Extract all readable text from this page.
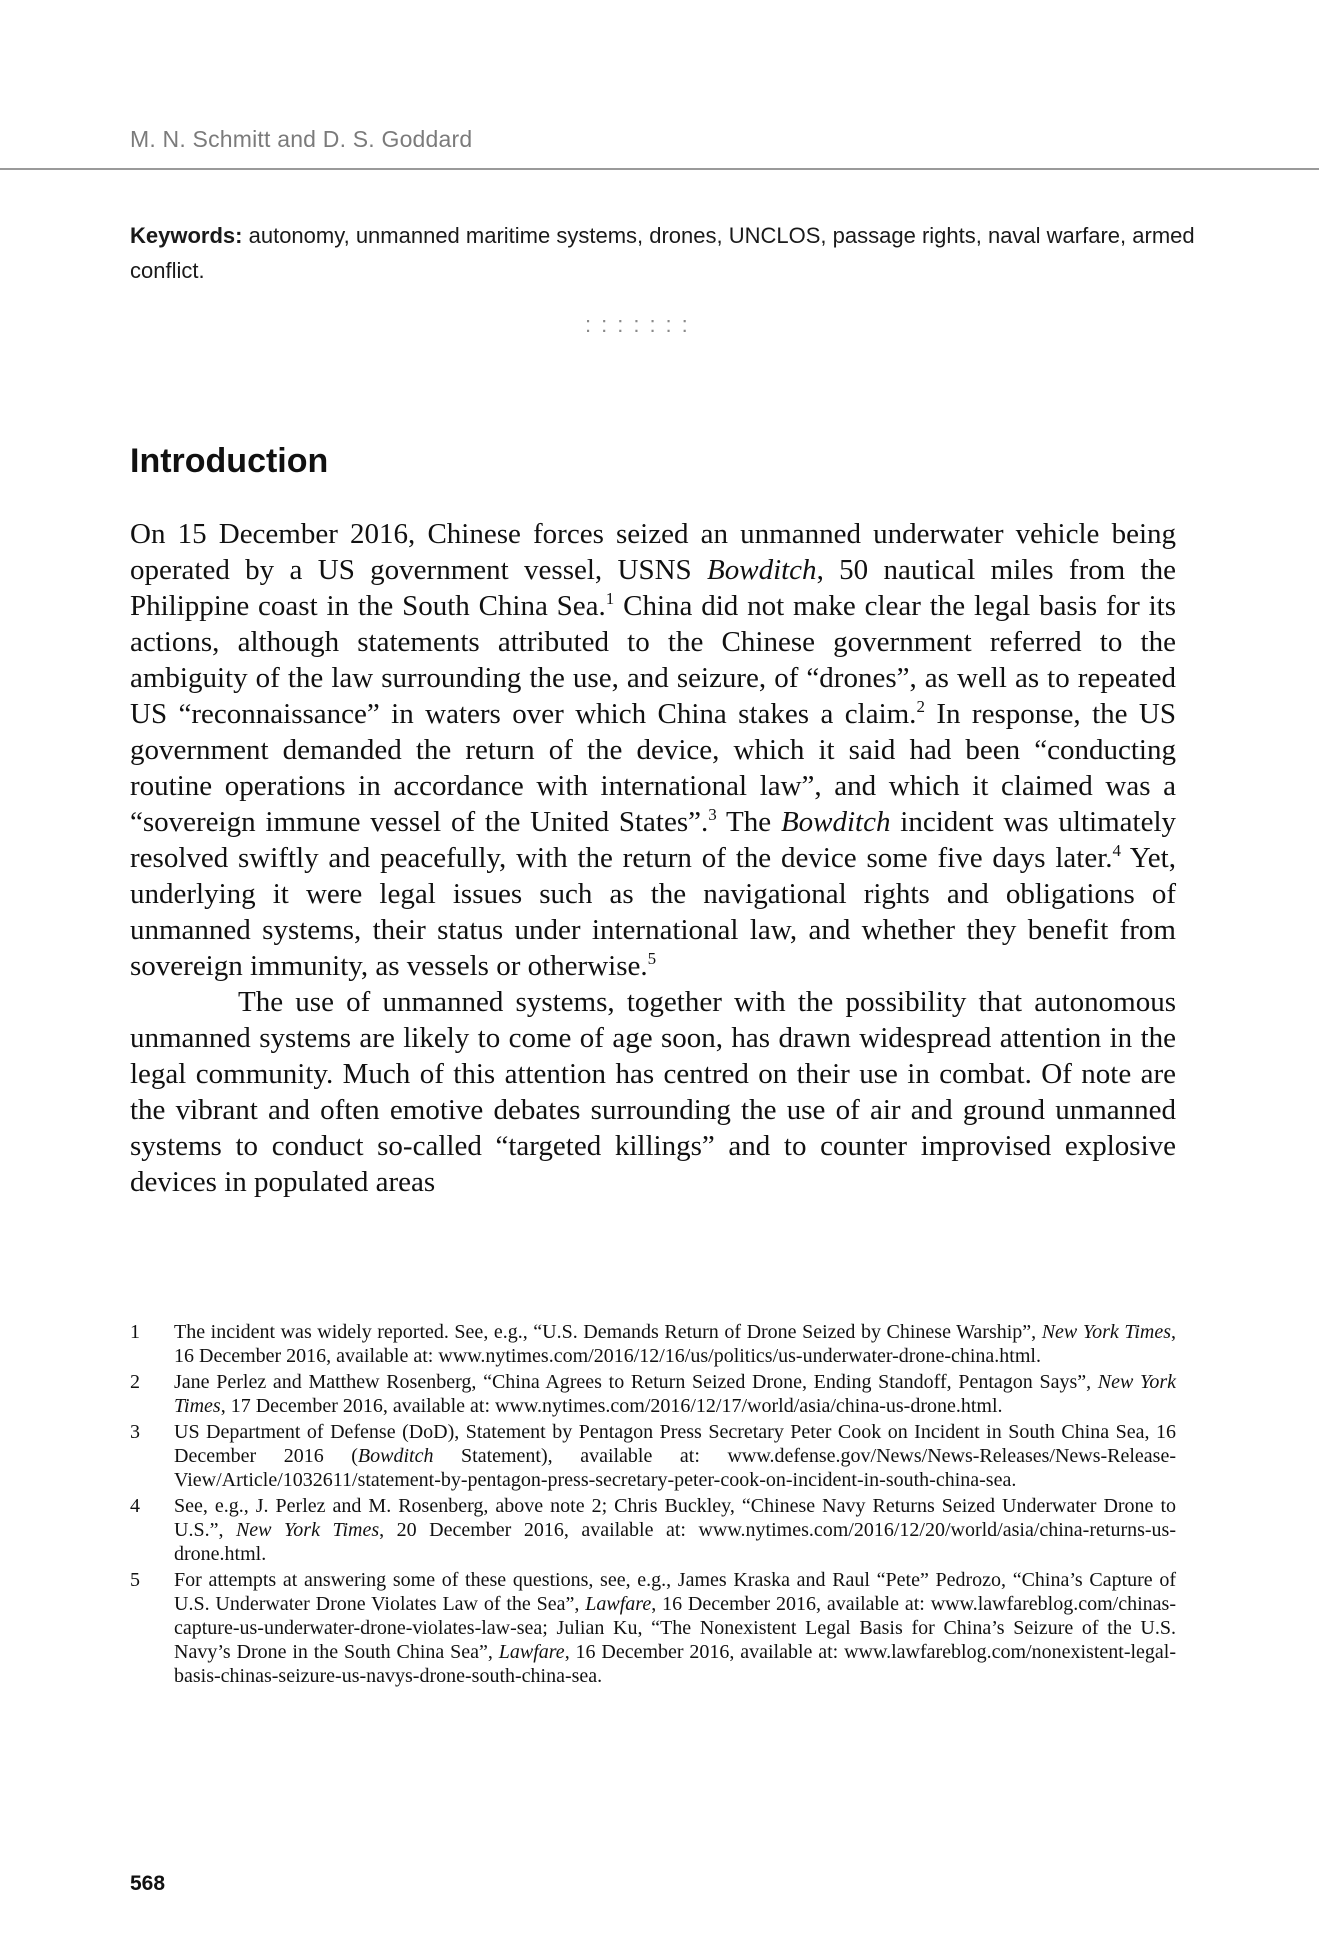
M. N. Schmitt and D. S. Goddard
Keywords: autonomy, unmanned maritime systems, drones, UNCLOS, passage rights, naval warfare, armed conflict.
:::::::
Introduction

On 15 December 2016, Chinese forces seized an unmanned underwater vehicle being operated by a US government vessel, USNS Bowditch, 50 nautical miles from the Philippine coast in the South China Sea.$^1$ China did not make clear the legal basis for its actions, although statements attributed to the Chinese government referred to the ambiguity of the law surrounding the use, and seizure, of “drones”, as well as to repeated US “reconnaissance” in waters over which China stakes a claim.$^2$ In response, the US government demanded the return of the device, which it said had been “conducting routine operations in accordance with international law”, and which it claimed was a “sovereign immune vessel of the United States”.$^3$ The Bowditch incident was ultimately resolved swiftly and peacefully, with the return of the device some five days later.$^4$ Yet, underlying it were legal issues such as the navigational rights and obligations of unmanned systems, their status under international law, and whether they benefit from sovereign immunity, as vessels or otherwise.$^5$

The use of unmanned systems, together with the possibility that autonomous unmanned systems are likely to come of age soon, has drawn widespread attention in the legal community. Much of this attention has centred on their use in combat. Of note are the vibrant and often emotive debates surrounding the use of air and ground unmanned systems to conduct so-called “targeted killings” and to counter improvised explosive devices in populated areas

1 The incident was widely reported. See, e.g., “U.S. Demands Return of Drone Seized by Chinese Warship”, New York Times, 16 December 2016, available at: www.nytimes.com/2016/12/16/us/politics/us-underwater-drone-china.html.
2 Jane Perlez and Matthew Rosenberg, “China Agrees to Return Seized Drone, Ending Standoff, Pentagon Says”, New York Times, 17 December 2016, available at: www.nytimes.com/2016/12/17/world/asia/china-us-drone.html.
3 US Department of Defense (DoD), Statement by Pentagon Press Secretary Peter Cook on Incident in South China Sea, 16 December 2016 (Bowditch Statement), available at: www.defense.gov/News/News-Releases/News-Release-View/Article/1032611/statement-by-pentagon-press-secretary-peter-cook-on-incident-in-south-china-sea.
4 See, e.g., J. Perlez and M. Rosenberg, above note 2; Chris Buckley, “Chinese Navy Returns Seized Underwater Drone to U.S.”, New York Times, 20 December 2016, available at: www.nytimes.com/2016/12/20/world/asia/china-returns-us-drone.html.
5 For attempts at answering some of these questions, see, e.g., James Kraska and Raul “Pete” Pedrozo, “China’s Capture of U.S. Underwater Drone Violates Law of the Sea”, Lawfare, 16 December 2016, available at: www.lawfareblog.com/chinas-capture-us-underwater-drone-violates-law-sea; Julian Ku, “The Nonexistent Legal Basis for China’s Seizure of the U.S. Navy’s Drone in the South China Sea”, Lawfare, 16 December 2016, available at: www.lawfareblog.com/nonexistent-legal-basis-chinas-seizure-us-navys-drone-south-china-sea.
568
